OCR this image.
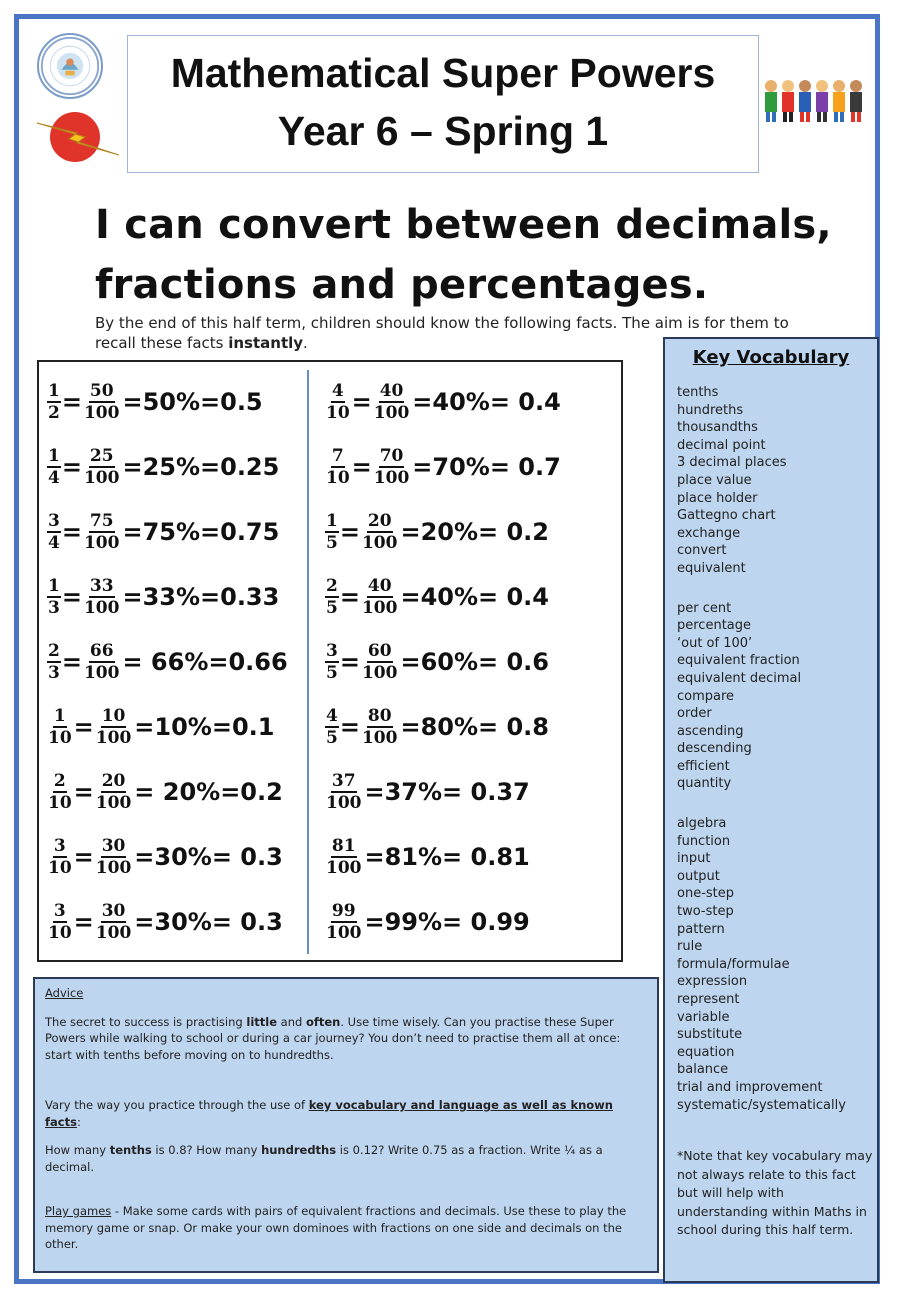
Mathematical Super Powers
Year 6 – Spring 1
I can convert between decimals,
fractions and percentages.
By the end of this half term, children should know the following facts. The aim is for them to recall these facts instantly.
$\frac{1}{2} = \frac{50}{100} =50\%=0.5$
$\frac{1}{4} = \frac{25}{100} =25\%=0.25$
$\frac{3}{4} = \frac{75}{100} =75\%=0.75$
$\frac{1}{3} = \frac{33}{100} =33\%=0.33$
$\frac{2}{3} = \frac{66}{100} = 66\%=0.66$
$\frac{1}{10} = \frac{10}{100} =10\%=0.1$
$\frac{2}{10} = \frac{20}{100} = 20\%=0.2$
$\frac{3}{10} = \frac{30}{100} =30\%= 0.3$
$\frac{3}{10} = \frac{30}{100} =30\%= 0.3$
$\frac{4}{10} = \frac{40}{100} =40\%= 0.4$
$\frac{7}{10} = \frac{70}{100} =70\%= 0.7$
$\frac{1}{5} = \frac{20}{100} =20\%= 0.2$
$\frac{2}{5} = \frac{40}{100} =40\%= 0.4$
$\frac{3}{5} = \frac{60}{100} =60\%= 0.6$
$\frac{4}{5} = \frac{80}{100} =80\%= 0.8$
$\frac{37}{100} =37\%= 0.37$
$\frac{81}{100} =81\%= 0.81$
$\frac{99}{100} =99\%= 0.99$
Key Vocabulary
tenths
hundreths
thousandths
decimal point
3 decimal places
place value
place holder
Gattegno chart
exchange
convert
equivalent
per cent
percentage
‘out of 100’
equivalent fraction
equivalent decimal
compare
order
ascending
descending
efficient
quantity
algebra
function
input
output
one-step
two-step
pattern
rule
formula/formulae
expression
represent
variable
substitute
equation
balance
trial and improvement
systematic/systematically
*Note that key vocabulary may not always relate to this fact but will help with understanding within Maths in school during this half term.

Advice

The secret to success is practising little and often. Use time wisely. Can you practise these Super Powers while walking to school or during a car journey? You don’t need to practise them all at once: start with tenths before moving on to hundredths.

Vary the way you practice through the use of key vocabulary and language as well as known facts:

How many tenths is 0.8? How many hundredths is 0.12? Write 0.75 as a fraction. Write ¼ as a decimal.

Play games - Make some cards with pairs of equivalent fractions and decimals. Use these to play the memory game or snap. Or make your own dominoes with fractions on one side and decimals on the other.
